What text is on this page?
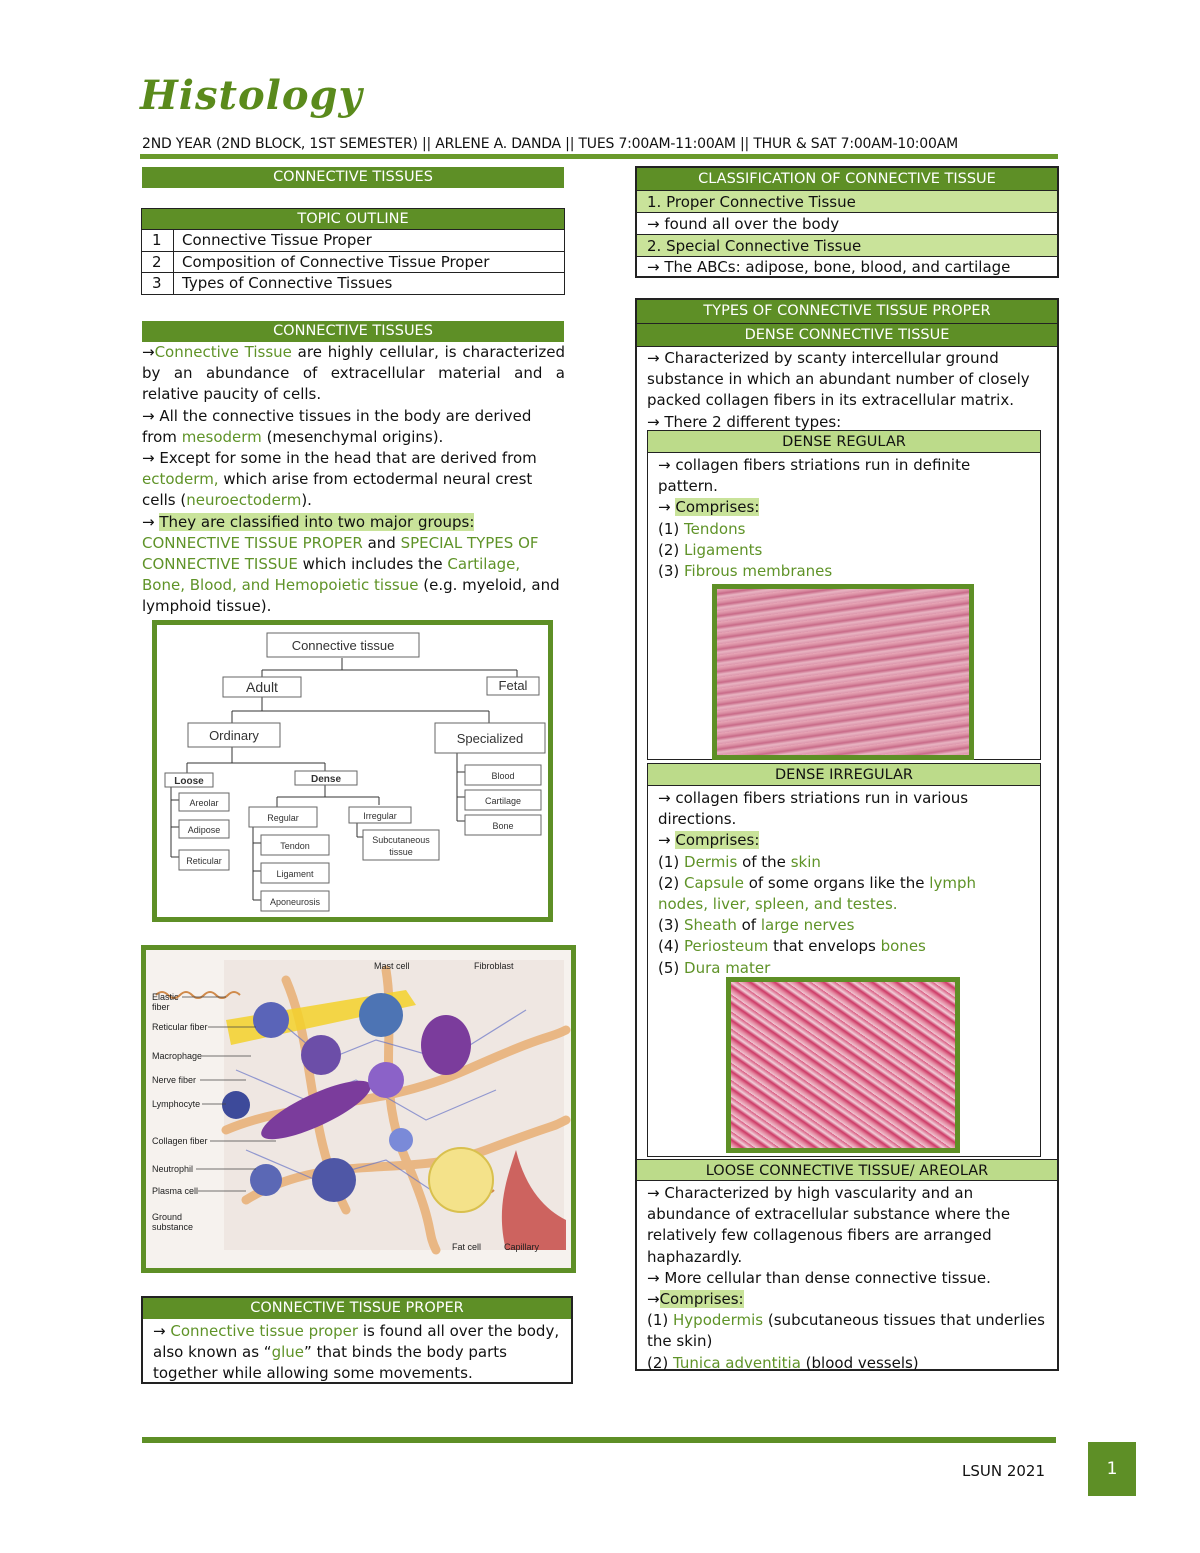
Histology
2ND YEAR (2ND BLOCK, 1ST SEMESTER) || ARLENE A. DANDA || TUES 7:00AM-11:00AM || THUR & SAT 7:00AM-10:00AM
CONNECTIVE TISSUES
TOPIC OUTLINE
1	Connective Tissue Proper
2	Composition of Connective Tissue Proper
3	Types of Connective Tissues
CONNECTIVE TISSUES

→Connective Tissue are highly cellular, is characterized by an abundance of extracellular material and a relative paucity of cells.

→ All the connective tissues in the body are derived from mesoderm (mesenchymal origins).

→ Except for some in the head that are derived from ectoderm, which arise from ectodermal neural crest cells (neuroectoderm).

→ They are classified into two major groups:
CONNECTIVE TISSUE PROPER and SPECIAL TYPES OF CONNECTIVE TISSUE which includes the Cartilage, Bone, Blood, and Hemopoietic tissue (e.g. myeloid, and lymphoid tissue).

Connective tissue
Adult	Fetal
Ordinary	Specialized
Loose	Dense
Areolar
Adipose
Reticular
Blood
Cartilage
Bone
Regular	Irregular
Tendon
Ligament
Aponeurosis
Subcutaneous
tissue
Elastic
fiber
Reticular fiber
Macrophage
Nerve fiber
Lymphocyte
Collagen fiber
Neutrophil
Plasma cell
Ground
substance
Mast cell	Fibroblast
Fat cell	Capillary
CONNECTIVE TISSUE PROPER

→ Connective tissue proper is found all over the body, also known as “glue” that binds the body parts together while allowing some movements.

CLASSIFICATION OF CONNECTIVE TISSUE
1. Proper Connective Tissue
→ found all over the body
2. Special Connective Tissue
→ The ABCs: adipose, bone, blood, and cartilage
TYPES OF CONNECTIVE TISSUE PROPER
DENSE CONNECTIVE TISSUE

→ Characterized by scanty intercellular ground substance in which an abundant number of closely packed collagen fibers in its extracellular matrix.

→ There 2 different types:

DENSE REGULAR

→ collagen fibers striations run in definite pattern.

→ Comprises:

(1) Tendons

(2) Ligaments

(3) Fibrous membranes

DENSE IRREGULAR

→ collagen fibers striations run in various directions.

→ Comprises:

(1) Dermis of the skin

(2) Capsule of some organs like the lymph nodes, liver, spleen, and testes.

(3) Sheath of large nerves

(4) Periosteum that envelops bones

(5) Dura mater

LOOSE CONNECTIVE TISSUE/ AREOLAR

→ Characterized by high vascularity and an abundance of extracellular substance where the relatively few collagenous fibers are arranged haphazardly.

→ More cellular than dense connective tissue.

→Comprises:

(1) Hypodermis (subcutaneous tissues that underlies the skin)

(2) Tunica adventitia (blood vessels)

LSUN 2021	1
